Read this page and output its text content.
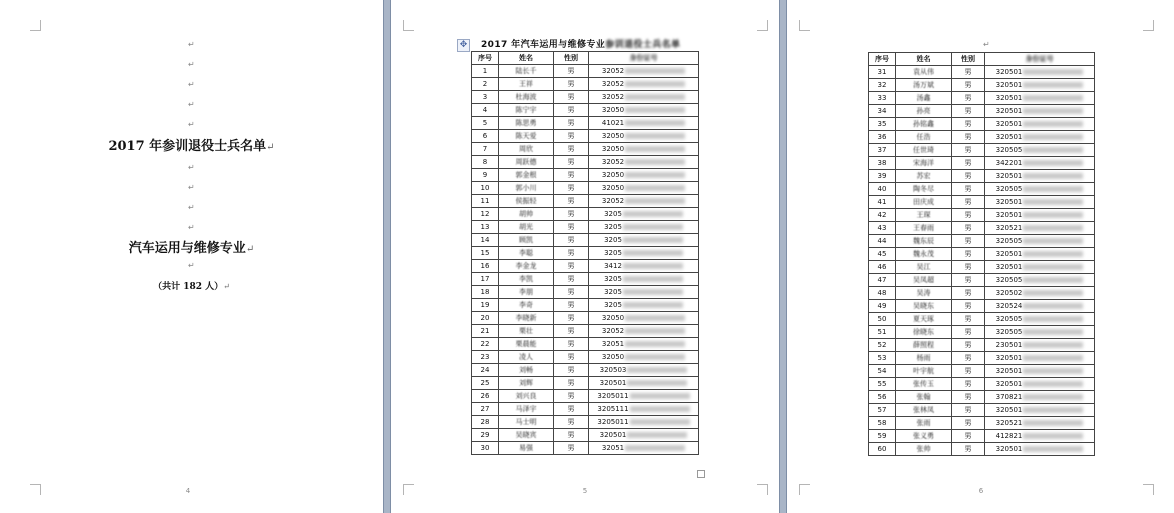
↵
↵
↵
↵
↵
2017 年参训退役士兵名单↵
↵
↵
↵
↵
汽车运用与维修专业↵
↵
（共计 182 人）↵
4
✥	2017 年汽车运用与维修专业参训退役士兵名单
序号	姓名	性别	身份证号
1	陆长千	男	32052
2	王祥	男	32052
3	杜海波	男	32052
4	陈宁宇	男	32050
5	陈思勇	男	41021
6	陈天爱	男	32050
7	周欣	男	32050
8	周跃德	男	32052
9	郭金根	男	32050
10	郭小川	男	32050
11	侯振轻	男	32052
12	胡帅	男	3205
13	胡光	男	3205
14	顾凯	男	3205
15	李聪	男	3205
16	李金龙	男	3412
17	李凯	男	3205
18	李朋	男	3205
19	李奇	男	3205
20	李晓新	男	32050
21	栗壮	男	32052
22	栗晨能	男	32051
23	凌人	男	32050
24	刘畅	男	320503
25	刘辉	男	320501
26	刘兴良	男	3205011
27	马泽宇	男	3205111
28	马士明	男	3205011
29	吴晓宾	男	320501
30	易强	男	32051
5
↵
序号	姓名	性别	身份证号
31	袁从伟	男	320501
32	汤万斌	男	320501
33	汤鑫	男	320501
34	孙亮	男	320501
35	孙铭鑫	男	320501
36	任浩	男	320501
37	任世琦	男	320505
38	宋海洋	男	342201
39	苏宏	男	320501
40	陶冬尽	男	320505
41	田庆成	男	320501
42	王琛	男	320501
43	王春雨	男	320521
44	魏东辰	男	320505
45	魏永茂	男	320501
46	吴江	男	320501
47	吴凤超	男	320505
48	吴涛	男	320502
49	吴晓东	男	320524
50	夏天琢	男	320505
51	徐晓东	男	320505
52	薛照程	男	230501
53	杨雨	男	320501
54	叶宇航	男	320501
55	张传玉	男	320501
56	张翰	男	370821
57	张林凤	男	320501
58	张雨	男	320521
59	张义勇	男	412821
60	张帅	男	320501
6
